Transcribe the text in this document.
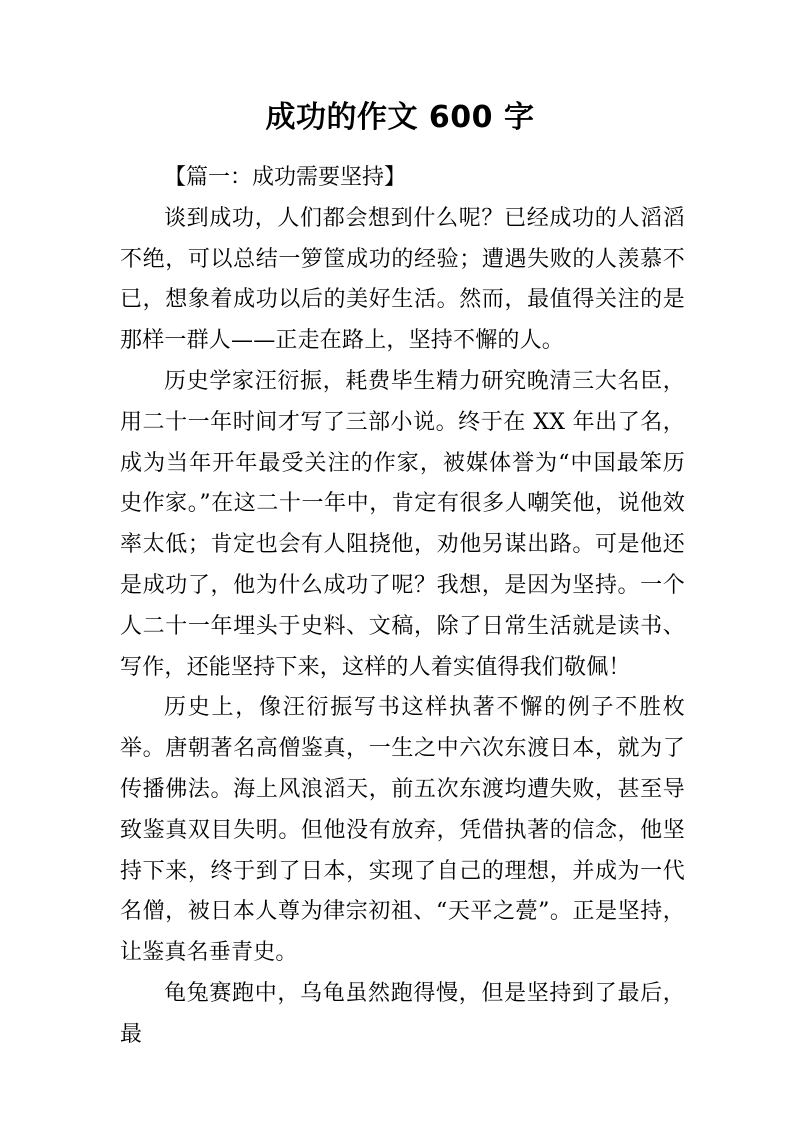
成功的作文 600 字

【篇一：成功需要坚持】

谈到成功，人们都会想到什么呢？已经成功的人滔滔不绝，可以总结一箩筐成功的经验；遭遇失败的人羡慕不已，想象着成功以后的美好生活。然而，最值得关注的是那样一群人——正走在路上，坚持不懈的人。

历史学家汪衍振，耗费毕生精力研究晚清三大名臣，用二十一年时间才写了三部小说。终于在 XX 年出了名，成为当年开年最受关注的作家，被媒体誉为“中国最笨历史作家。”在这二十一年中，肯定有很多人嘲笑他，说他效率太低；肯定也会有人阻挠他，劝他另谋出路。可是他还是成功了，他为什么成功了呢？我想，是因为坚持。一个人二十一年埋头于史料、文稿，除了日常生活就是读书、写作，还能坚持下来，这样的人着实值得我们敬佩！

历史上，像汪衍振写书这样执著不懈的例子不胜枚举。唐朝著名高僧鉴真，一生之中六次东渡日本，就为了传播佛法。海上风浪滔天，前五次东渡均遭失败，甚至导致鉴真双目失明。但他没有放弃，凭借执著的信念，他坚持下来，终于到了日本，实现了自己的理想，并成为一代名僧，被日本人尊为律宗初祖、“天平之甍”。正是坚持，让鉴真名垂青史。

龟兔赛跑中，乌龟虽然跑得慢，但是坚持到了最后，最
